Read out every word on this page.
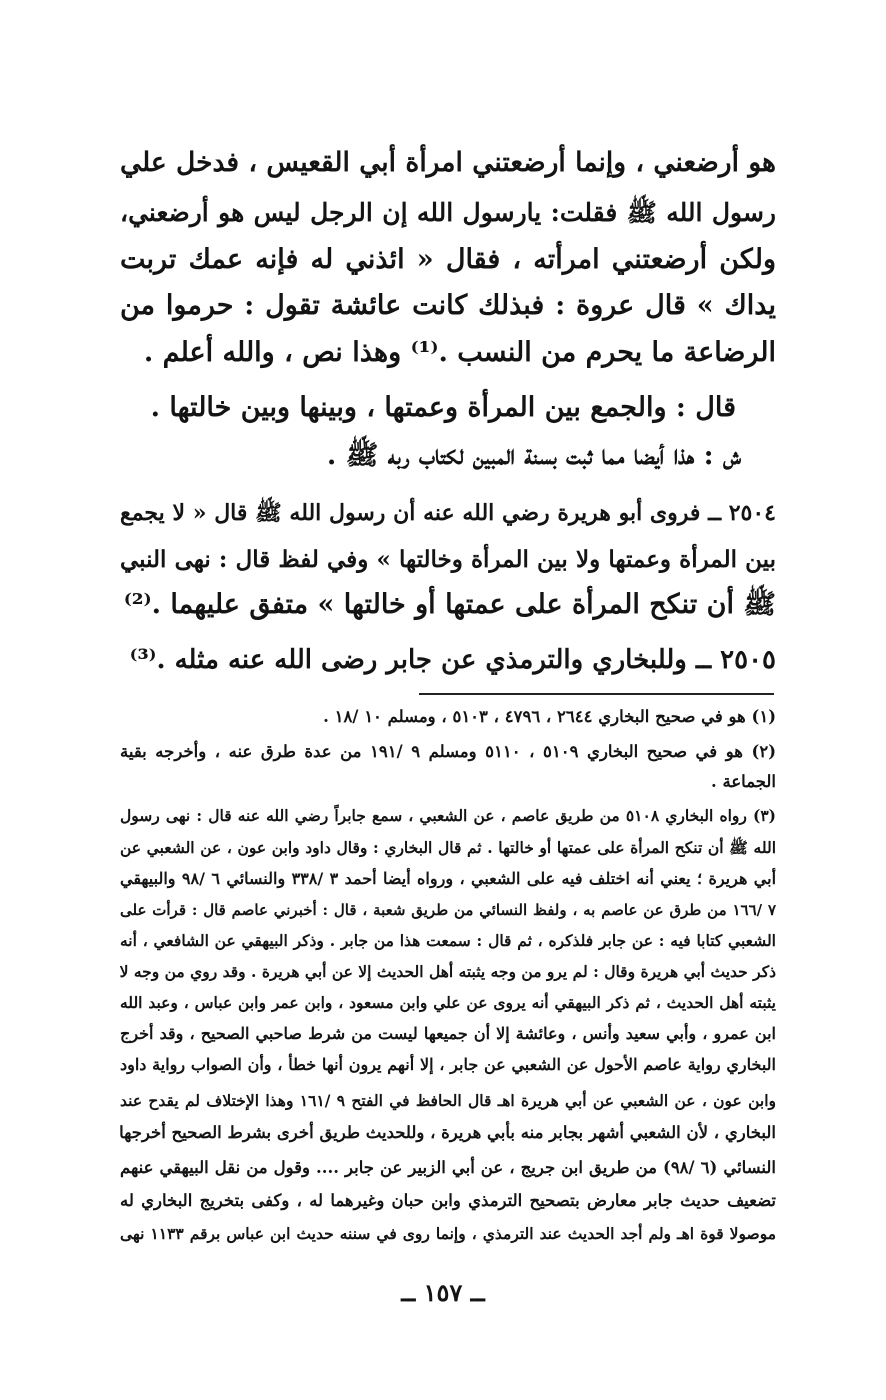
هو أرضعني ، وإنما أرضعتني امرأة أبي القعيس ، فدخل علي
رسول الله ﷺ فقلت: يارسول الله إن الرجل ليس هو أرضعني،
ولكن أرضعتني امرأته ، فقال « ائذني له فإنه عمك تربت
يداك » قال عروة : فبذلك كانت عائشة تقول : حرموا من
الرضاعة ما يحرم من النسب .⁽¹⁾ وهذا نص ، والله أعلم .
قال : والجمع بين المرأة وعمتها ، وبينها وبين خالتها .
ش : هذا أيضا مما ثبت بسنة المبين لكتاب ربه ﷺ .
٢٥٠٤ ــ فروى أبو هريرة رضي الله عنه أن رسول الله ﷺ قال « لا يجمع
بين المرأة وعمتها ولا بين المرأة وخالتها » وفي لفظ قال : نهى النبي
ﷺ أن تنكح المرأة على عمتها أو خالتها » متفق عليهما .⁽²⁾
٢٥٠٥ ــ وللبخاري والترمذي عن جابر رضى الله عنه مثله .⁽³⁾
(١) هو في صحيح البخاري ٢٦٤٤ ، ٤٧٩٦ ، ٥١٠٣ ، ومسلم ١٠ /١٨ .
(٢) هو في صحيح البخاري ٥١٠٩ ، ٥١١٠ ومسلم ٩ /١٩١ من عدة طرق عنه ، وأخرجه بقية
الجماعة .
(٣) رواه البخاري ٥١٠٨ من طريق عاصم ، عن الشعبي ، سمع جابراً رضي الله عنه قال : نهى رسول
الله ﷺ أن تنكح المرأة على عمتها أو خالتها . ثم قال البخاري : وقال داود وابن عون ، عن الشعبي عن
أبي هريرة ؛ يعني أنه اختلف فيه على الشعبي ، ورواه أيضا أحمد ٣ /٣٣٨ والنسائي ٦ /٩٨ والبيهقي
٧ /١٦٦ من طرق عن عاصم به ، ولفظ النسائي من طريق شعبة ، قال : أخبرني عاصم قال : قرأت على
الشعبي كتابا فيه : عن جابر فلذكره ، ثم قال : سمعت هذا من جابر . وذكر البيهقي عن الشافعي ، أنه
ذكر حديث أبي هريرة وقال : لم يرو من وجه يثبته أهل الحديث إلا عن أبي هريرة . وقد روي من وجه لا
يثبته أهل الحديث ، ثم ذكر البيهقي أنه يروى عن علي وابن مسعود ، وابن عمر وابن عباس ، وعبد الله
ابن عمرو ، وأبي سعيد وأنس ، وعائشة إلا أن جميعها ليست من شرط صاحبي الصحيح ، وقد أخرج
البخاري رواية عاصم الأحول عن الشعبي عن جابر ، إلا أنهم يرون أنها خطأ ، وأن الصواب رواية داود
وابن عون ، عن الشعبي عن أبي هريرة اهـ قال الحافظ في الفتح ٩ /١٦١ وهذا الإختلاف لم يقدح عند
البخاري ، لأن الشعبي أشهر بجابر منه بأبي هريرة ، وللحديث طريق أخرى بشرط الصحيح أخرجها
النسائي (٦ /٩٨) من طريق ابن جريج ، عن أبي الزبير عن جابر .... وقول من نقل البيهقي عنهم
تضعيف حديث جابر معارض بتصحيح الترمذي وابن حبان وغيرهما له ، وكفى بتخريج البخاري له
موصولا قوة اهـ ولم أجد الحديث عند الترمذي ، وإنما روى في سننه حديث ابن عباس برقم ١١٣٣ نهى
ــ ١٥٧ ــ
